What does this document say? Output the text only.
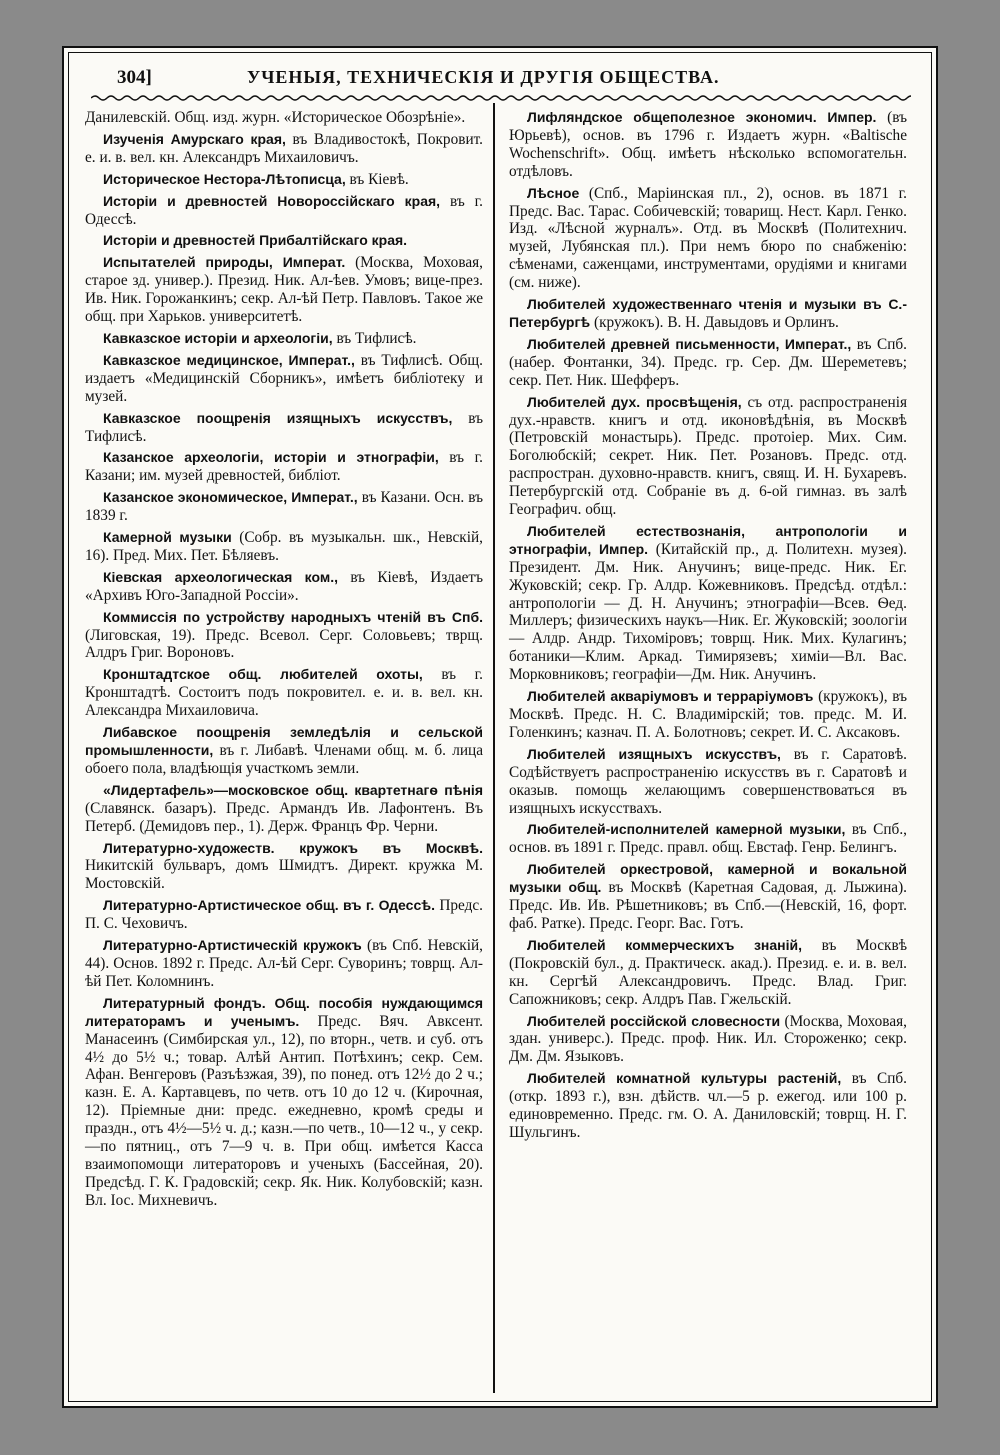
304]	УЧЕНЫЯ, ТЕХНИЧЕСКІЯ И ДРУГІЯ ОБЩЕСТВА.

Данилевскій. Общ. изд. журн. «Историческое Обозрѣніе».

Изученія Амурскаго края, въ Владивостокѣ, Покровит. е. и. в. вел. кн. Александръ Михаиловичъ.

Историческое Нестора-Лѣтописца, въ Кіевѣ.

Исторіи и древностей Новороссійскаго края, въ г. Одессѣ.

Исторіи и древностей Прибалтійскаго края.

Испытателей природы, Императ. (Москва, Моховая, старое зд. универ.). Презид. Ник. Ал-ѣев. Умовъ; вице-през. Ив. Ник. Горожанкинъ; секр. Ал-ѣй Петр. Павловъ. Такое же общ. при Харьков. университетѣ.

Кавказское исторіи и археологіи, въ Тифлисѣ.

Кавказское медицинское, Императ., въ Тифлисѣ. Общ. издаетъ «Медицинскій Сборникъ», имѣетъ библіотеку и музей.

Кавказское поощренія изящныхъ искусствъ, въ Тифлисѣ.

Казанское археологіи, исторіи и этнографіи, въ г. Казани; им. музей древностей, библіот.

Казанское экономическое, Императ., въ Казани. Осн. въ 1839 г.

Камерной музыки (Собр. въ музыкальн. шк., Невскій, 16). Пред. Мих. Пет. Бѣляевъ.

Кіевская археологическая ком., въ Кіевѣ, Издаетъ «Архивъ Юго-Западной Россіи».

Коммиссія по устройству народныхъ чтеній въ Спб. (Лиговская, 19). Предс. Всевол. Серг. Соловьевъ; тврщ. Алдръ Григ. Вороновъ.

Кронштадтское общ. любителей охоты, въ г. Кронштадтѣ. Состоитъ подъ покровител. е. и. в. вел. кн. Александра Михаиловича.

Либавское поощренія земледѣлія и сельской промышленности, въ г. Либавѣ. Членами общ. м. б. лица обоего пола, владѣющія участкомъ земли.

«Лидертафель»—московское общ. квартетнагѳ пѣнія (Славянск. базаръ). Предс. Армандъ Ив. Лафонтенъ. Въ Петерб. (Демидовъ пер., 1). Держ. Францъ Фр. Черни.

Литературно-художеств. кружокъ въ Москвѣ. Никитскій бульваръ, домъ Шмидтъ. Директ. кружка М. Мостовскій.

Литературно-Артистическое общ. въ г. Одессѣ. Предс. П. С. Чеховичъ.

Литературно-Артистическій кружокъ (въ Спб. Невскій, 44). Основ. 1892 г. Предс. Ал-ѣй Серг. Суворинъ; товрщ. Ал-ѣй Пет. Коломнинъ.

Литературный фондъ. Общ. пособія нуждающимся литераторамъ и ученымъ. Предс. Вяч. Авксент. Манасеинъ (Симбирская ул., 12), по вторн., четв. и суб. отъ 4½ до 5½ ч.; товар. Алѣй Антип. Потѣхинъ; секр. Сем. Афан. Венгеровъ (Разъѣзжая, 39), по понед. отъ 12½ до 2 ч.; казн. Е. А. Картавцевъ, по четв. отъ 10 до 12 ч. (Кирочная, 12). Пріемные дни: предс. ежедневно, кромѣ среды и праздн., отъ 4½—5½ ч. д.; казн.—по четв., 10—12 ч., у секр.—по пятниц., отъ 7—9 ч. в. При общ. имѣется Касса взаимопомощи литераторовъ и ученыхъ (Бассейная, 20). Предсѣд. Г. К. Градовскій; секр. Як. Ник. Колубовскій; казн. Вл. Іос. Михневичъ.

Лифляндское общеполезное экономич. Импер. (въ Юрьевѣ), основ. въ 1796 г. Издаетъ журн. «Baltische Wochenschrift». Общ. имѣетъ нѣсколько вспомогательн. отдѣловъ.

Лѣсное (Спб., Маріинская пл., 2), основ. въ 1871 г. Предс. Вас. Тарас. Собичевскій; товарищ. Нест. Карл. Генко. Изд. «Лѣсной журналъ». Отд. въ Москвѣ (Политехнич. музей, Лубянская пл.). При немъ бюро по снабженію: сѣменами, саженцами, инструментами, орудіями и книгами (см. ниже).

Любителей художественнаго чтенія и музыки въ С.-Петербургѣ (кружокъ). В. Н. Давыдовъ и Орлинъ.

Любителей древней письменности, Императ., въ Спб. (набер. Фонтанки, 34). Предс. гр. Сер. Дм. Шереметевъ; секр. Пет. Ник. Шефферъ.

Любителей дух. просвѣщенія, съ отд. распространенія дух.-нравств. книгъ и отд. иконовѣдѣнія, въ Москвѣ (Петровскій монастырь). Предс. протоіер. Мих. Сим. Боголюбскій; секрет. Ник. Пет. Розановъ. Предс. отд. распростран. духовно-нравств. книгъ, свящ. И. Н. Бухаревъ. Петербургскій отд. Собраніе въ д. 6-ой гимназ. въ залѣ Географич. общ.

Любителей естествознанія, антропологіи и этнографіи, Импер. (Китайскій пр., д. Политехн. музея). Президент. Дм. Ник. Анучинъ; вице-предс. Ник. Ег. Жуковскій; секр. Гр. Алдр. Кожевниковъ. Предсѣд. отдѣл.: антропологіи — Д. Н. Анучинъ; этнографіи—Всев. Ѳед. Миллеръ; физическихъ наукъ—Ник. Ег. Жуковскій; зоологіи — Алдр. Андр. Тихоміровъ; товрщ. Ник. Мих. Кулагинъ; ботаники—Клим. Аркад. Тимирязевъ; химіи—Вл. Вас. Морковниковъ; географіи—Дм. Ник. Анучинъ.

Любителей акваріумовъ и терраріумовъ (кружокъ), въ Москвѣ. Предс. Н. С. Владимірскій; тов. предс. М. И. Голенкинъ; казнач. П. А. Болотновъ; секрет. И. С. Аксаковъ.

Любителей изящныхъ искусствъ, въ г. Саратовѣ. Содѣйствуетъ распространенію искусствъ въ г. Саратовѣ и оказыв. помощь желающимъ совершенствоваться въ изящныхъ искусствахъ.

Любителей-исполнителей камерной музыки, въ Спб., основ. въ 1891 г. Предс. правл. общ. Евстаф. Генр. Белингъ.

Любителей оркестровой, камерной и вокальной музыки общ. въ Москвѣ (Каретная Садовая, д. Лыжина). Предс. Ив. Ив. Рѣшетниковъ; въ Спб.—(Невскій, 16, форт. фаб. Ратке). Предс. Георг. Вас. Готъ.

Любителей коммерческихъ знаній, въ Москвѣ (Покровскій бул., д. Практическ. акад.). Презид. е. и. в. вел. кн. Сергѣй Александровичъ. Предс. Влад. Григ. Сапожниковъ; секр. Алдръ Пав. Гжельскій.

Любителей россійской словесности (Москва, Моховая, здан. универс.). Предс. проф. Ник. Ил. Стороженко; секр. Дм. Дм. Языковъ.

Любителей комнатной культуры растеній, въ Спб. (откр. 1893 г.), взн. дѣйств. чл.—5 р. ежегод. или 100 р. единовременно. Предс. гм. О. А. Даниловскій; товрщ. Н. Г. Шульгинъ.
